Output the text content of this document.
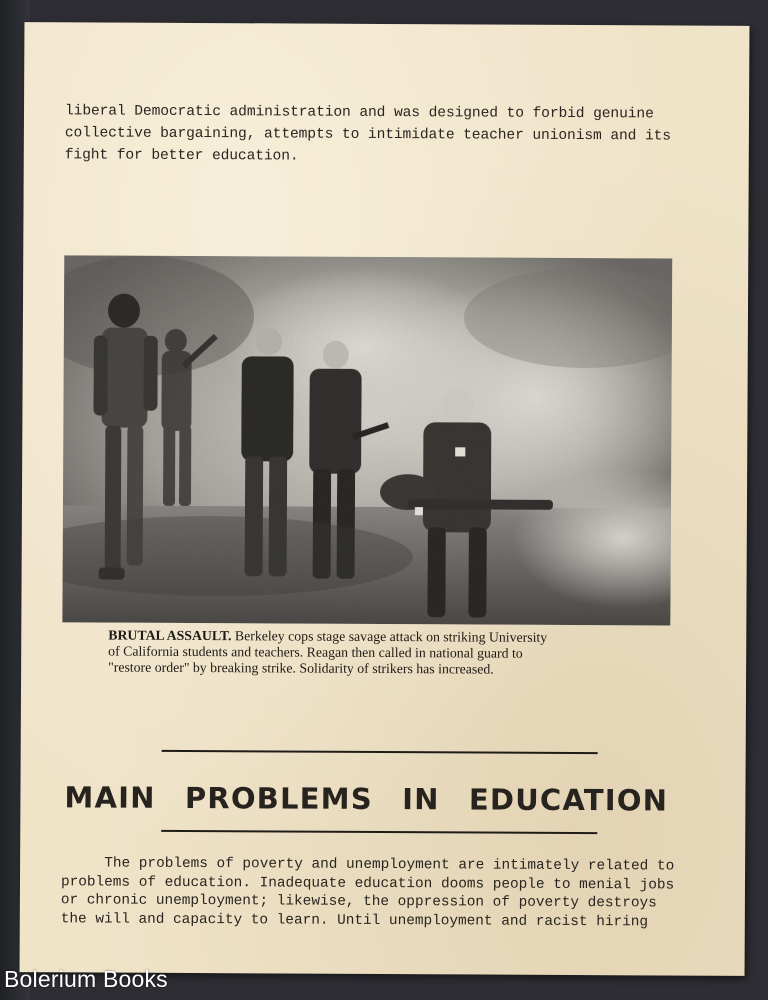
liberal Democratic administration and was designed to forbid genuine
collective bargaining, attempts to intimidate teacher unionism and its
fight for better education.

BRUTAL ASSAULT. Berkeley cops stage savage attack on striking University
of California students and teachers. Reagan then called in national guard to
"restore order" by breaking strike. Solidarity of strikers has increased.

MAIN PROBLEMS IN EDUCATION

The problems of poverty and unemployment are intimately related to
problems of education. Inadequate education dooms people to menial jobs
or chronic unemployment; likewise, the oppression of poverty destroys
the will and capacity to learn. Until unemployment and racist hiring

Bolerium Books
